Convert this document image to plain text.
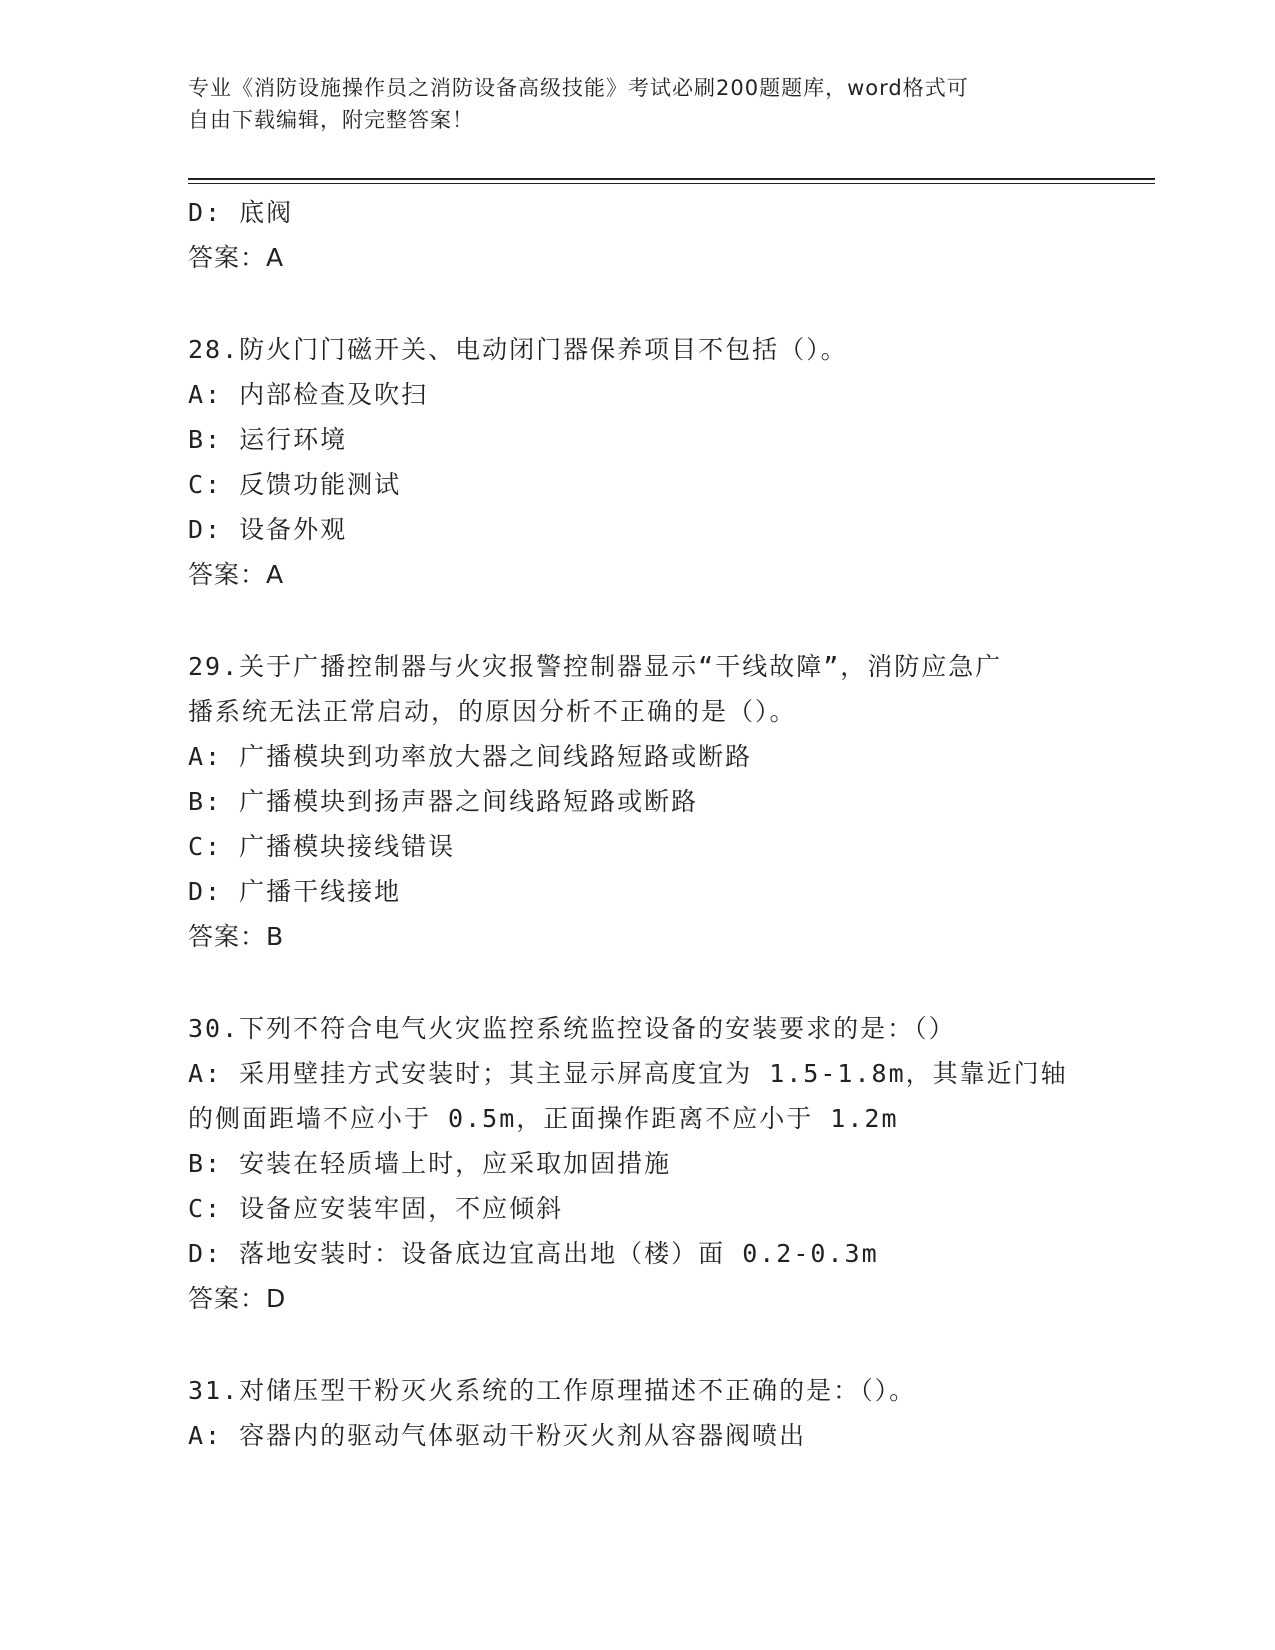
专业《消防设施操作员之消防设备高级技能》考试必刷200题题库，word格式可
自由下载编辑，附完整答案！
D: 底阀
答案：A
28.防火门门磁开关、电动闭门器保养项目不包括（）。
A: 内部检查及吹扫
B: 运行环境
C: 反馈功能测试
D: 设备外观
答案：A
29.关于广播控制器与火灾报警控制器显示“干线故障”，消防应急广
播系统无法正常启动，的原因分析不正确的是（）。
A: 广播模块到功率放大器之间线路短路或断路
B: 广播模块到扬声器之间线路短路或断路
C: 广播模块接线错误
D: 广播干线接地
答案：B
30.下列不符合电气火灾监控系统监控设备的安装要求的是：（）
A: 采用壁挂方式安装时；其主显示屏高度宜为 1.5-1.8m，其靠近门轴
的侧面距墙不应小于 0.5m，正面操作距离不应小于 1.2m
B: 安装在轻质墙上时，应采取加固措施
C: 设备应安装牢固，不应倾斜
D: 落地安装时：设备底边宜高出地（楼）面 0.2-0.3m
答案：D
31.对储压型干粉灭火系统的工作原理描述不正确的是：（）。
A: 容器内的驱动气体驱动干粉灭火剂从容器阀喷出
